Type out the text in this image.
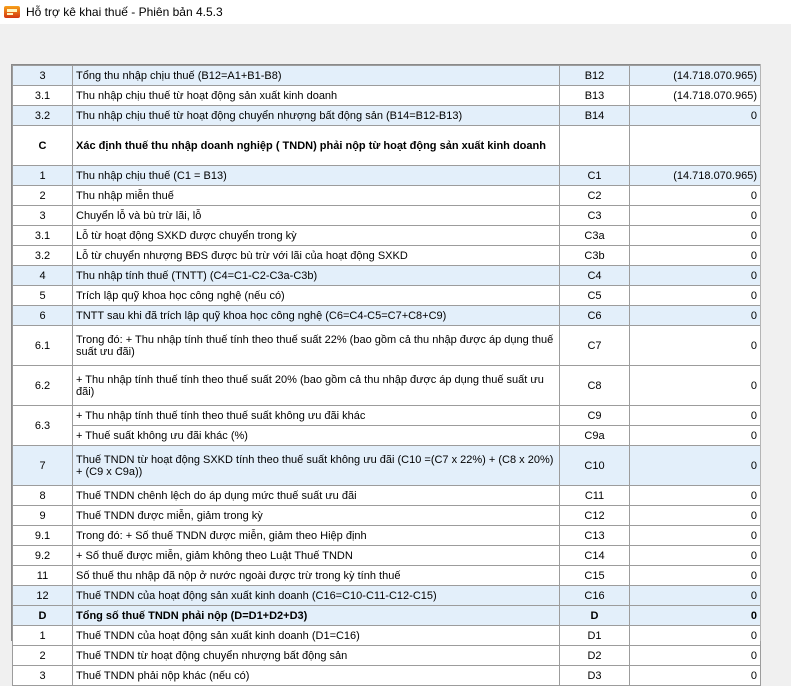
Hỗ trợ kê khai thuế - Phiên bản 4.5.3
3	Tổng thu nhập chịu thuế (B12=A1+B1-B8)	B12	(14.718.070.965)
3.1	Thu nhập chịu thuế từ hoạt động sản xuất kinh doanh	B13	(14.718.070.965)
3.2	Thu nhập chịu thuế từ hoạt động chuyển nhượng bất động sản (B14=B12-B13)	B14	0
C	Xác định thuế thu nhập doanh nghiệp ( TNDN) phải nộp từ hoạt động sản xuất kinh doanh		
1	Thu nhập chịu thuế (C1 = B13)	C1	(14.718.070.965)
2	Thu nhập miễn thuế	C2	0
3	Chuyển lỗ và bù trừ lãi, lỗ	C3	0
3.1	Lỗ từ hoạt động SXKD được chuyển trong kỳ	C3a	0
3.2	Lỗ từ chuyển nhượng BĐS được bù trừ với lãi của hoạt động SXKD	C3b	0
4	Thu nhập tính thuế (TNTT) (C4=C1-C2-C3a-C3b)	C4	0
5	Trích lập quỹ khoa học công nghệ (nếu có)	C5	0
6	TNTT sau khi đã trích lập quỹ khoa học công nghệ (C6=C4-C5=C7+C8+C9)	C6	0
6.1	Trong đó: + Thu nhập tính thuế tính theo thuế suất 22% (bao gồm cả thu nhập được áp dụng thuế suất ưu đãi)	C7	0
6.2	+ Thu nhập tính thuế tính theo thuế suất 20% (bao gồm cả thu nhập được áp dụng thuế suất ưu đãi)	C8	0
6.3	+ Thu nhập tính thuế tính theo thuế suất không ưu đãi khác	C9	0
	+ Thuế suất không ưu đãi khác (%)	C9a	0
7	Thuế TNDN từ hoạt động SXKD tính theo thuế suất không ưu đãi (C10 =(C7 x 22%) + (C8 x 20%) + (C9 x C9a))	C10	0
8	Thuế TNDN chênh lệch do áp dụng mức thuế suất ưu đãi	C11	0
9	Thuế TNDN được miễn, giảm trong kỳ	C12	0
9.1	Trong đó: + Số thuế TNDN được miễn, giảm theo Hiệp định	C13	0
9.2	+ Số thuế được miễn, giảm không theo Luật Thuế TNDN	C14	0
11	Số thuế thu nhập đã nộp ở nước ngoài được trừ trong kỳ tính thuế	C15	0
12	Thuế TNDN của hoạt động sản xuất kinh doanh (C16=C10-C11-C12-C15)	C16	0
D	Tổng số thuế TNDN phải nộp (D=D1+D2+D3)	D	0
1	Thuế TNDN của hoạt động sản xuất kinh doanh (D1=C16)	D1	0
2	Thuế TNDN từ hoạt động chuyển nhượng bất động sản	D2	0
3	Thuế TNDN phải nộp khác (nếu có)	D3	0
